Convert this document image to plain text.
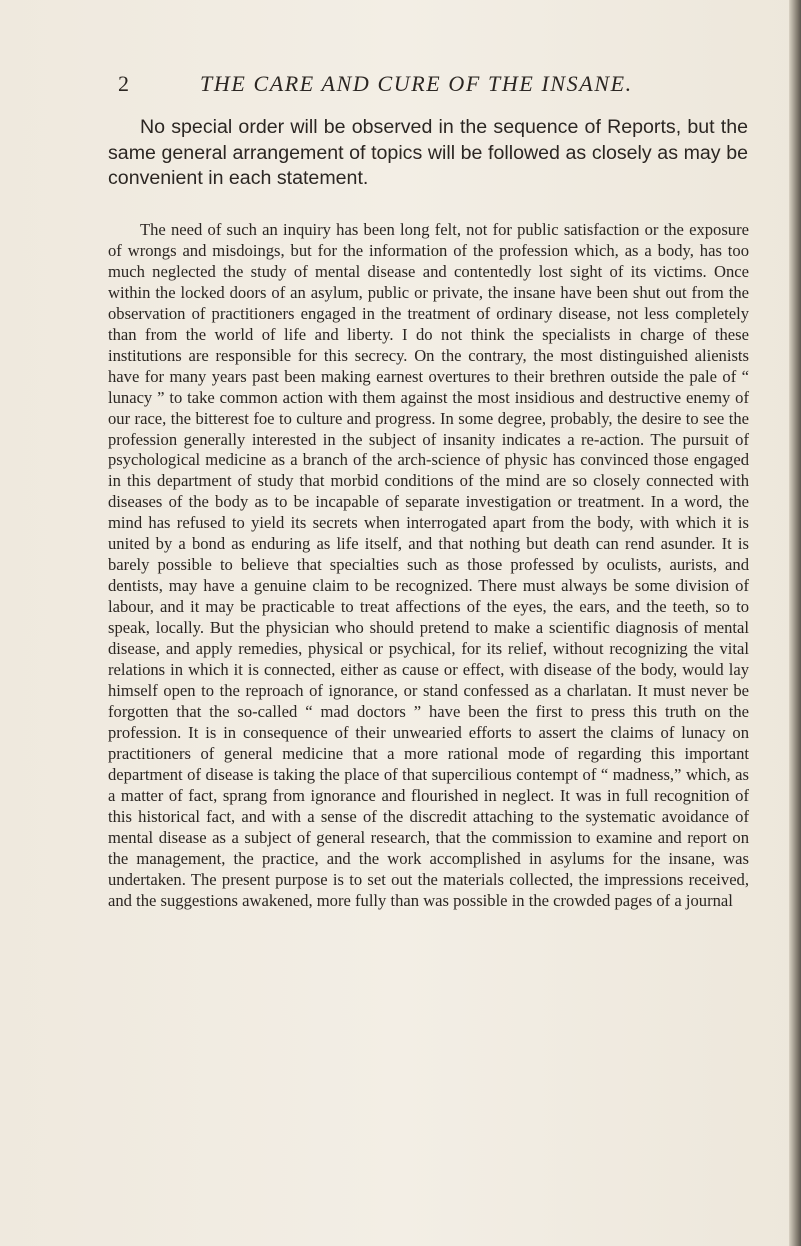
2	THE CARE AND CURE OF THE INSANE.

No special order will be observed in the sequence of Reports, but the same general arrangement of topics will be followed as closely as may be convenient in each statement.

The need of such an inquiry has been long felt, not for public satisfaction or the exposure of wrongs and misdoings, but for the information of the profession which, as a body, has too much neglected the study of mental disease and contentedly lost sight of its victims. Once within the locked doors of an asylum, public or private, the insane have been shut out from the observation of practitioners engaged in the treatment of ordinary disease, not less completely than from the world of life and liberty. I do not think the specialists in charge of these institutions are responsible for this secrecy. On the contrary, the most distinguished alienists have for many years past been making earnest overtures to their brethren outside the pale of “ lunacy ” to take common action with them against the most insidious and destructive enemy of our race, the bitterest foe to culture and progress. In some degree, probably, the desire to see the profession generally interested in the subject of insanity indicates a re-action. The pursuit of psychological medicine as a branch of the arch-science of physic has convinced those engaged in this department of study that morbid conditions of the mind are so closely connected with diseases of the body as to be incapable of separate investigation or treatment. In a word, the mind has refused to yield its secrets when interrogated apart from the body, with which it is united by a bond as enduring as life itself, and that nothing but death can rend asunder. It is barely possible to believe that specialties such as those professed by oculists, aurists, and dentists, may have a genuine claim to be recognized. There must always be some division of labour, and it may be practicable to treat affections of the eyes, the ears, and the teeth, so to speak, locally. But the physician who should pretend to make a scientific diagnosis of mental disease, and apply remedies, physical or psychical, for its relief, without recognizing the vital relations in which it is connected, either as cause or effect, with disease of the body, would lay himself open to the reproach of ignorance, or stand confessed as a charlatan. It must never be forgotten that the so-called “ mad doctors ” have been the first to press this truth on the profession. It is in consequence of their unwearied efforts to assert the claims of lunacy on practitioners of general medicine that a more rational mode of regarding this important department of disease is taking the place of that supercilious contempt of “ madness,” which, as a matter of fact, sprang from ignorance and flourished in neglect. It was in full recognition of this historical fact, and with a sense of the discredit attaching to the systematic avoidance of mental disease as a subject of general research, that the commission to examine and report on the management, the practice, and the work accomplished in asylums for the insane, was undertaken. The present purpose is to set out the materials collected, the impressions received, and the suggestions awakened, more fully than was possible in the crowded pages of a journal
